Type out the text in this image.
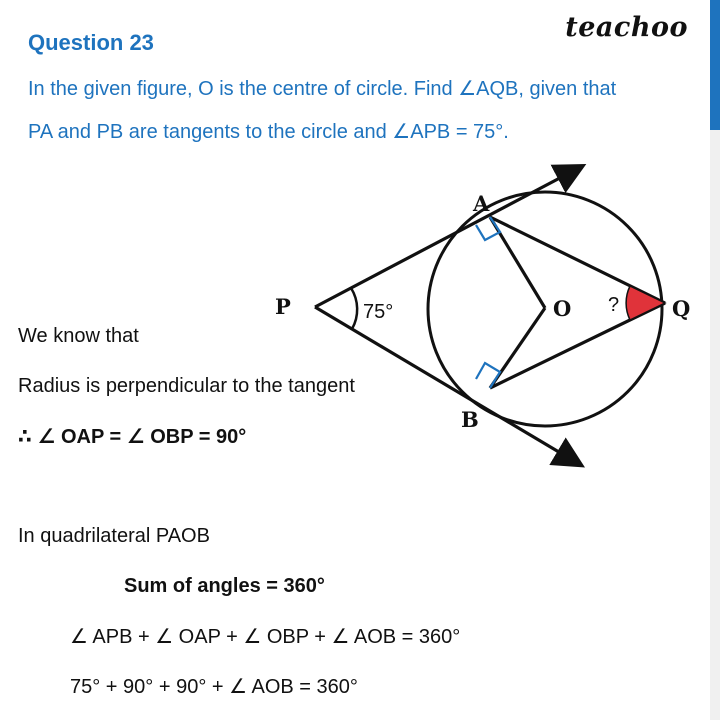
Question 23	teachoo
In the given figure, O is the centre of circle. Find ∠AQB, given that
PA and PB are tangents to the circle and ∠APB = 75°.
P
A
B
O	Q
75°	?
We know that
Radius is perpendicular to the tangent
∴ ∠ OAP = ∠ OBP = 90°
In quadrilateral PAOB
Sum of angles = 360°
∠ APB + ∠ OAP + ∠ OBP + ∠ AOB = 360°
75° + 90° + 90° + ∠ AOB = 360°
